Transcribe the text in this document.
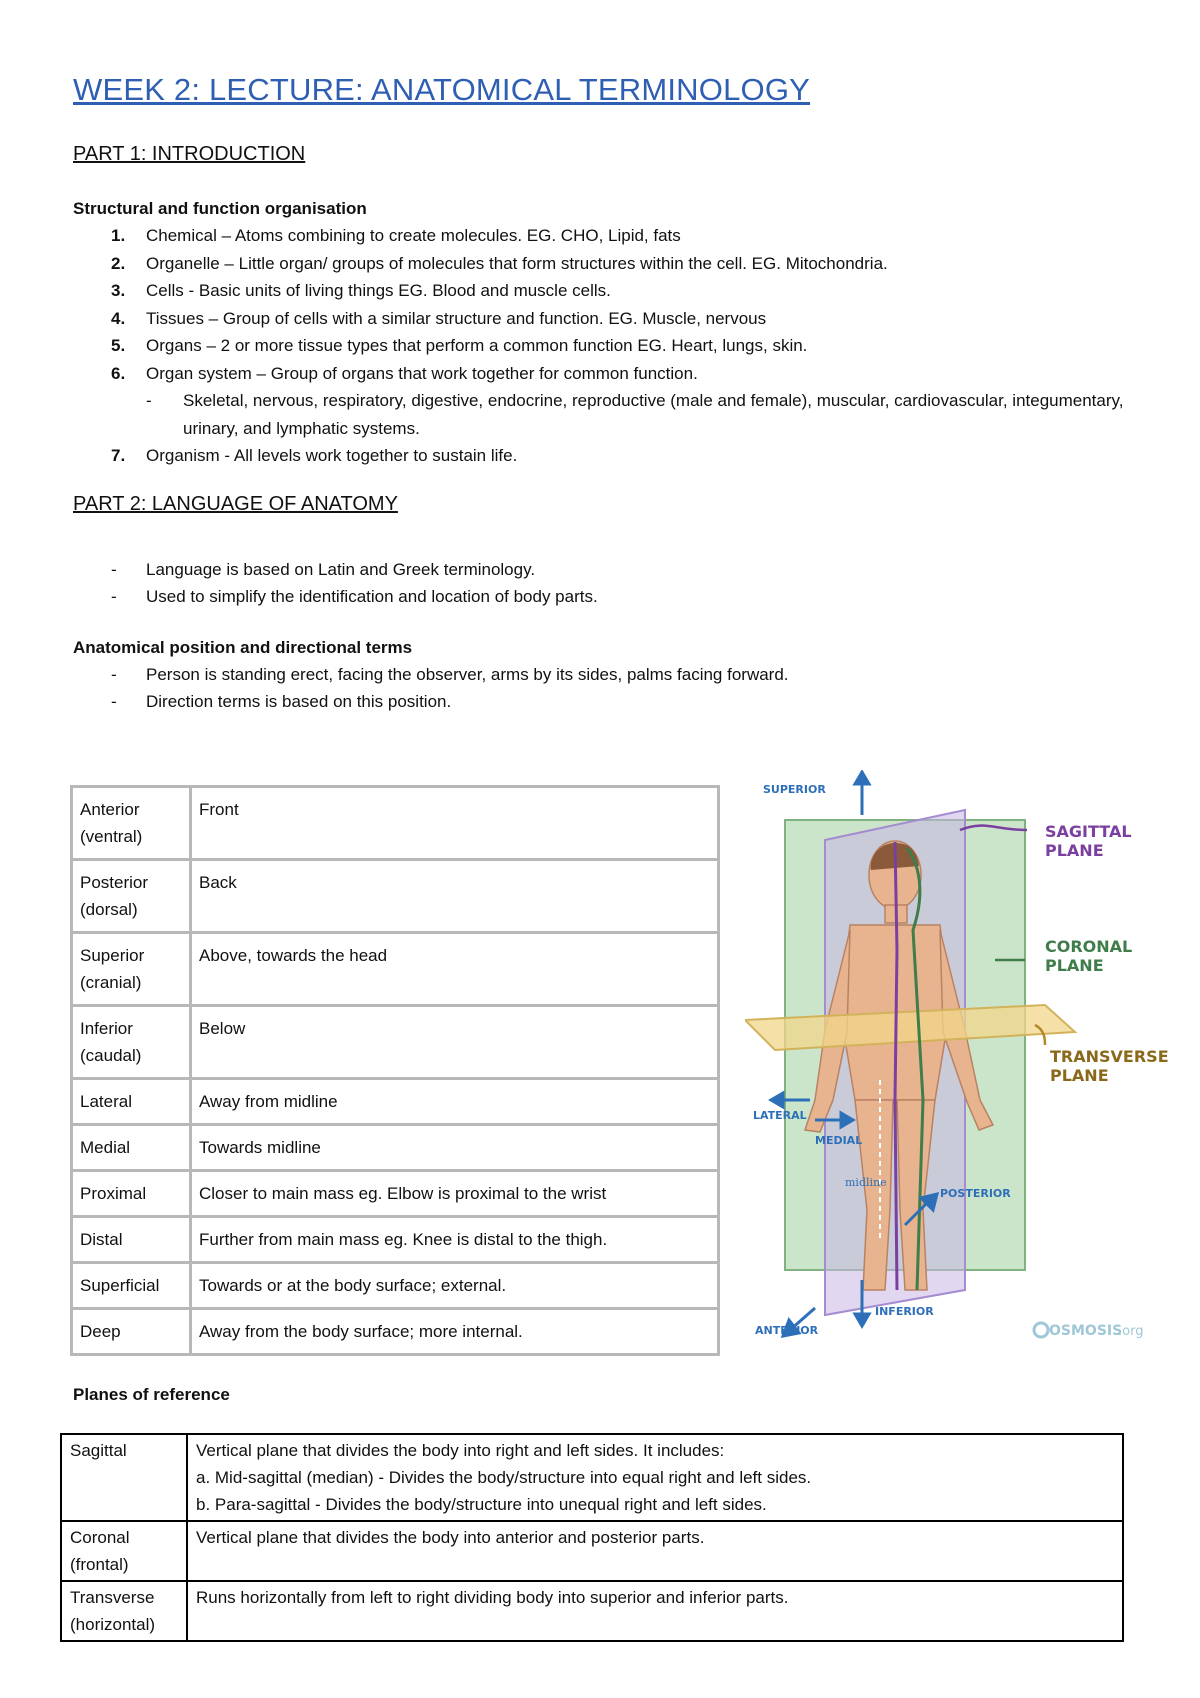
WEEK 2: LECTURE: ANATOMICAL TERMINOLOGY
PART 1: INTRODUCTION
Structural and function organisation
1. Chemical – Atoms combining to create molecules. EG. CHO, Lipid, fats
2. Organelle – Little organ/ groups of molecules that form structures within the cell. EG. Mitochondria.
3. Cells - Basic units of living things EG. Blood and muscle cells.
4. Tissues – Group of cells with a similar structure and function. EG. Muscle, nervous
5. Organs – 2 or more tissue types that perform a common function EG. Heart, lungs, skin.
6. Organ system – Group of organs that work together for common function.
- Skeletal, nervous, respiratory, digestive, endocrine, reproductive (male and female), muscular, cardiovascular, integumentary, urinary, and lymphatic systems.
7. Organism - All levels work together to sustain life.
PART 2: LANGUAGE OF ANATOMY
- Language is based on Latin and Greek terminology.
- Used to simplify the identification and location of body parts.
Anatomical position and directional terms
- Person is standing erect, facing the observer, arms by its sides, palms facing forward.
- Direction terms is based on this position.
Anterior (ventral)	Front
Posterior (dorsal)	Back
Superior (cranial)	Above, towards the head
Inferior (caudal)	Below
Lateral	Away from midline
Medial	Towards midline
Proximal	Closer to main mass eg. Elbow is proximal to the wrist
Distal	Further from main mass eg. Knee is distal to the thigh.
Superficial	Towards or at the body surface; external.
Deep	Away from the body surface; more internal.
SUPERIOR
INFERIOR
LATERAL
MEDIAL
midline
POSTERIOR
ANTERIOR
SAGITTAL
PLANE
CORONAL
PLANE
TRANSVERSE
PLANE
OSMOSIS
.org
Planes of reference
Sagittal	Vertical plane that divides the body into right and left sides. It includes:
a. Mid-sagittal (median) - Divides the body/structure into equal right and left sides.
b. Para-sagittal - Divides the body/structure into unequal right and left sides.

Coronal (frontal)	Vertical plane that divides the body into anterior and posterior parts.

Transverse (horizontal)	Runs horizontally from left to right dividing body into superior and inferior parts.
